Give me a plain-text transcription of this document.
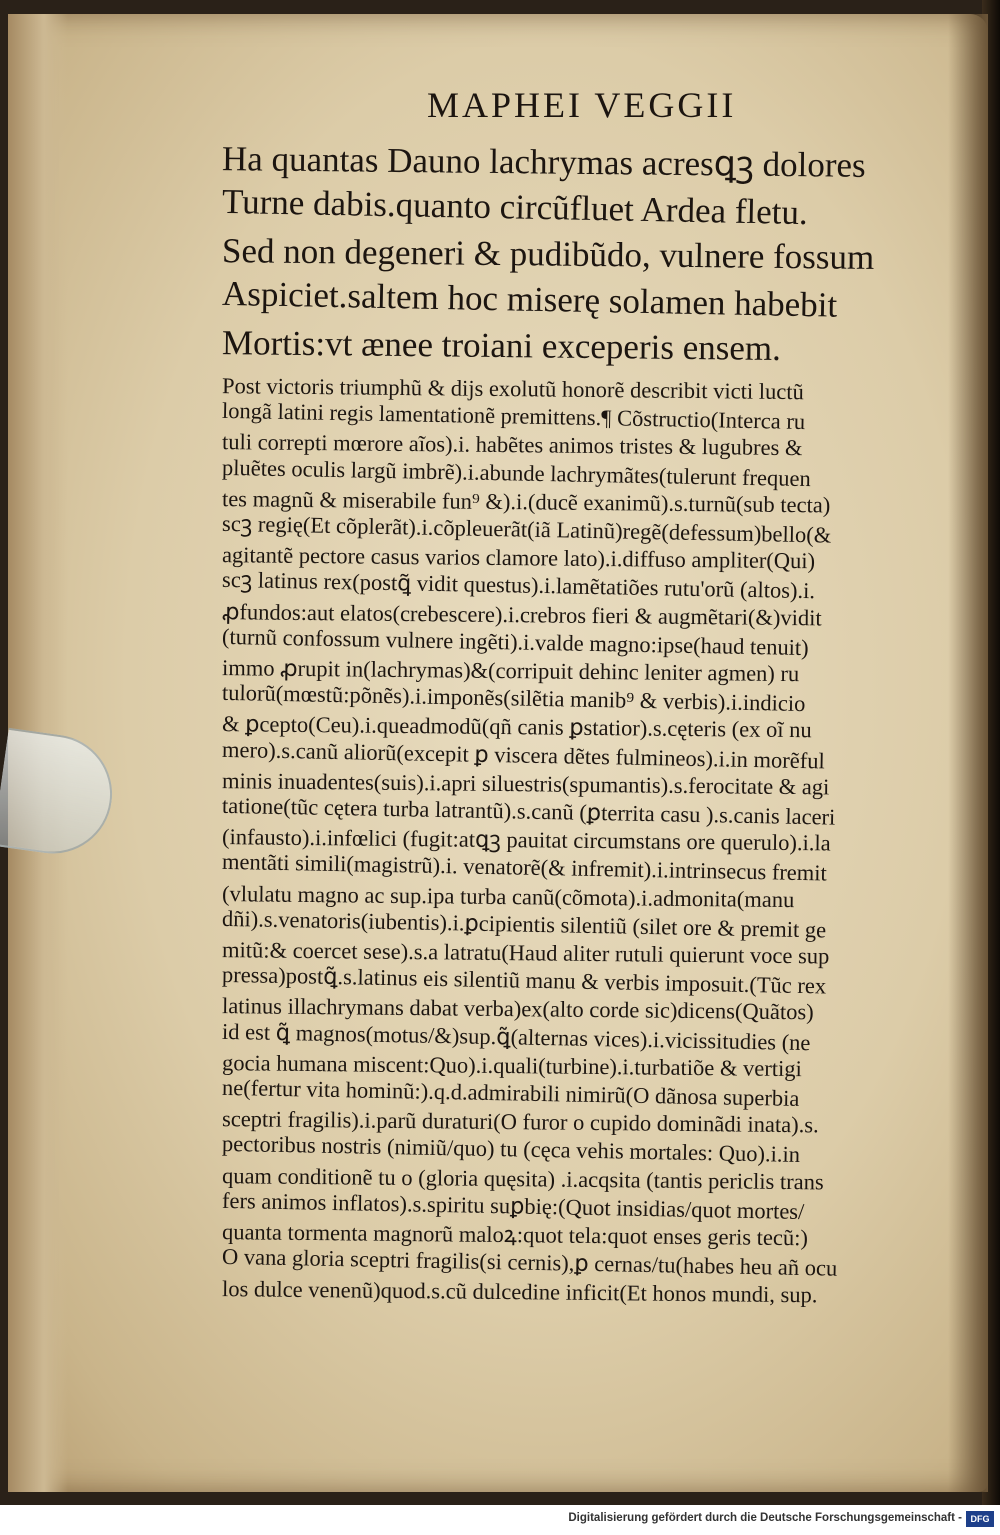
MAPHEI VEGGII
Ha quantas Dauno lachrymas acresꝗꝫ dolores
Turne dabis.quanto circũfluet Ardea fletu.
Sed non degeneri & pudibũdo, vulnere fossum
Aspiciet.saltem hoc miserę solamen habebit
Mortis:vt ænee troiani exceperis ensem.
Post victoris triumphũ & dijs exolutũ honorẽ describit victi luctũ
longã latini regis lamentationẽ premittens.¶ Cõstructio(Interca ru
tuli correpti mœrore aĩos).i. habẽtes animos tristes & lugubres &
pluẽtes oculis largũ imbrẽ).i.abunde lachrymãtes(tulerunt frequen
tes magnũ & miserabile fun⁹ &).i.(ducẽ exanimũ).s.turnũ(sub tecta)
scꝫ regię(Et cõplerãt).i.cõpleuerãt(iã Latinũ)regẽ(defessum)bello(&
agitantẽ pectore casus varios clamore lato).i.diffuso ampliter(Qui)
scꝫ latinus rex(postꝗ̃ vidit questus).i.lamẽtatiões rutu'orũ (altos).i.
ꝓfundos:aut elatos(crebescere).i.crebros fieri & augmẽtari(&)vidit
(turnũ confossum vulnere ingẽti).i.valde magno:ipse(haud tenuit)
immo ꝓrupit in(lachrymas)&(corripuit dehinc leniter agmen) ru
tulorũ(mœstũ:põnẽs).i.imponẽs(silẽtia manib⁹ & verbis).i.indicio
& ꝑcepto(Ceu).i.queadmodũ(qñ canis ꝑstatior).s.cęteris (ex oĩ nu
mero).s.canũ aliorũ(excepit ꝑ viscera dẽtes fulmineos).i.in morẽful
minis inuadentes(suis).i.apri siluestris(spumantis).s.ferocitate & agi
tatione(tũc cętera turba latrantũ).s.canũ (ꝑterrita casu ).s.canis laceri
(infausto).i.infœlici (fugit:atꝗꝫ pauitat circumstans ore querulo).i.la
mentãti simili(magistrũ).i. venatorẽ(& infremit).i.intrinsecus fremit
(vlulatu magno ac sup.ipa turba canũ(cõmota).i.admonita(manu
dñi).s.venatoris(iubentis).i.ꝑcipientis silentiũ (silet ore & premit ge
mitũ:& coercet sese).s.a latratu(Haud aliter rutuli quierunt voce sup
pressa)postꝗ̃.s.latinus eis silentiũ manu & verbis imposuit.(Tũc rex
latinus illachrymans dabat verba)ex(alto corde sic)dicens(Quãtos)
id est ꝗ̃ magnos(motus/&)sup.ꝗ̃(alternas vices).i.vicissitudies (ne
gocia humana miscent:Quo).i.quali(turbine).i.turbatiõe & vertigi
ne(fertur vita hominũ:).q.d.admirabili nimirũ(O dãnosa superbia
sceptri fragilis).i.parũ duraturi(O furor o cupido dominãdi inata).s.
pectoribus nostris (nimiũ/quo) tu (cęca vehis mortales: Quo).i.in
quam conditionẽ tu o (gloria quęsita) .i.acqsita (tantis periclis trans
fers animos inflatos).s.spiritu suꝑbię:(Quot insidias/quot mortes/
quanta tormenta magnorũ maloꝝ:quot tela:quot enses geris tecũ:)
O vana gloria sceptri fragilis(si cernis),ꝑ cernas/tu(habes heu añ ocu
los dulce venenũ)quod.s.cũ dulcedine inficit(Et honos mundi, sup.
Digitalisierung gefördert durch die Deutsche Forschungsgemeinschaft - DFG
